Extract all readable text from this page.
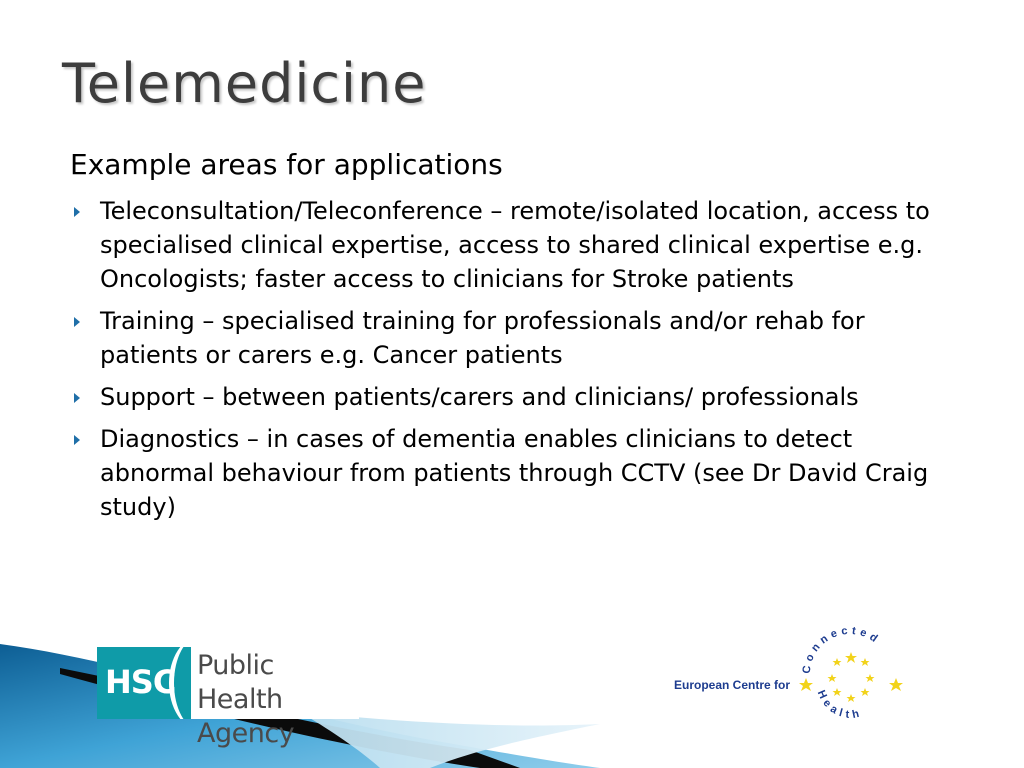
Telemedicine
Example areas for applications
Teleconsultation/Teleconference – remote/isolated location, access to specialised clinical expertise, access to shared clinical expertise e.g. Oncologists; faster access to clinicians for Stroke patients
Training – specialised training for professionals and/or rehab for patients or carers e.g. Cancer patients
Support – between patients/carers and clinicians/ professionals
Diagnostics – in cases of dementia enables clinicians to detect abnormal behaviour from patients through CCTV (see Dr David Craig study)
HSC Public Health
Agency
European Centre for
Connected
Health
